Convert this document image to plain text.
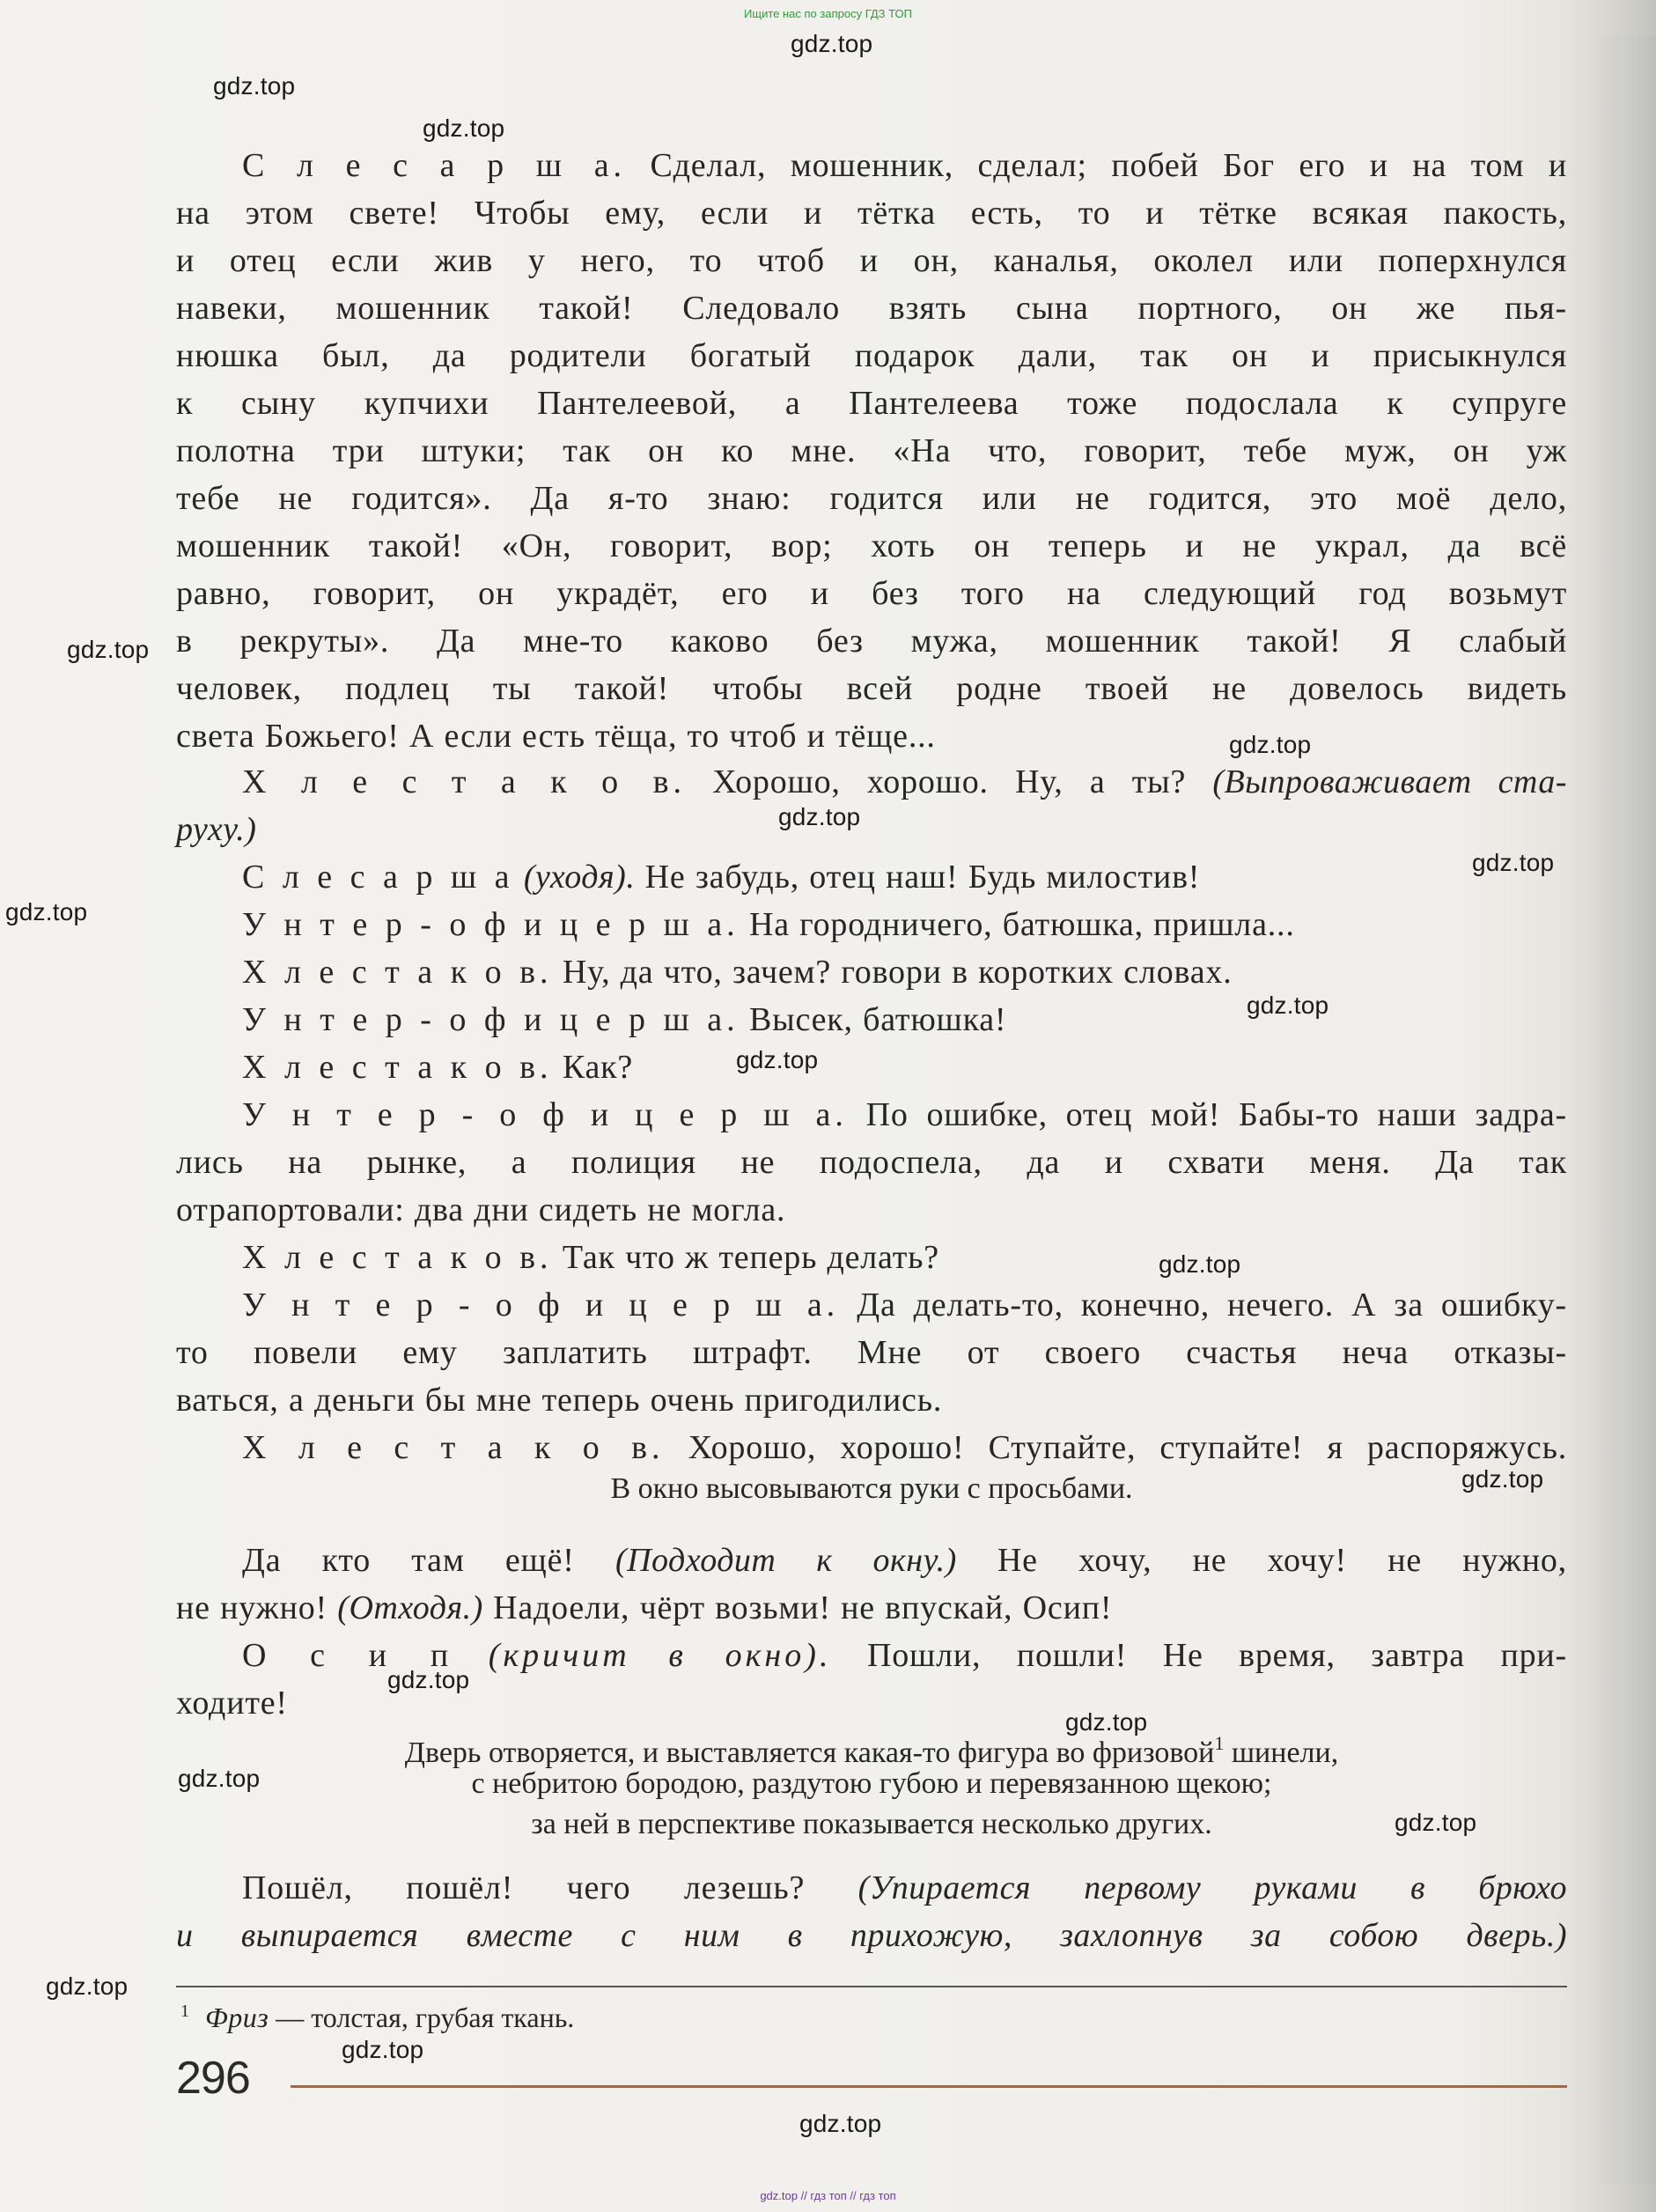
Ищите нас по запросу ГДЗ ТОП
gdz.top
gdz.top
gdz.top
gdz.top
gdz.top
gdz.top
gdz.top
gdz.top
gdz.top
gdz.top
gdz.top
gdz.top
gdz.top
gdz.top
gdz.top
gdz.top
gdz.top
gdz.top
gdz.top
С л е с а р ш а. Сделал, мошенник, сделал; побей Бог его и на том и
на этом свете! Чтобы ему, если и тётка есть, то и тётке всякая пакость,
и отец если жив у него, то чтоб и он, каналья, околел или поперхнулся
навеки, мошенник такой! Следовало взять сына портного, он же пья-
нюшка был, да родители богатый подарок дали, так он и присыкнулся
к сыну купчихи Пантелеевой, а Пантелеева тоже подослала к супруге
полотна три штуки; так он ко мне. «На что, говорит, тебе муж, он уж
тебе не годится». Да я-то знаю: годится или не годится, это моё дело,
мошенник такой! «Он, говорит, вор; хоть он теперь и не украл, да всё
равно, говорит, он украдёт, его и без того на следующий год возьмут
в рекруты». Да мне-то каково без мужа, мошенник такой! Я слабый
человек, подлец ты такой! чтобы всей родне твоей не довелось видеть
света Божьего! А если есть тёща, то чтоб и тёще...
Х л е с т а к о в. Хорошо, хорошо. Ну, а ты? (Выпроваживает ста-
руху.)
С л е с а р ш а (уходя). Не забудь, отец наш! Будь милостив!
У н т е р - о ф и ц е р ш а. На городничего, батюшка, пришла...
Х л е с т а к о в. Ну, да что, зачем? говори в коротких словах.
У н т е р - о ф и ц е р ш а. Высек, батюшка!
Х л е с т а к о в. Как?
У н т е р - о ф и ц е р ш а. По ошибке, отец мой! Бабы-то наши задра-
лись на рынке, а полиция не подоспела, да и схвати меня. Да так
отрапортовали: два дни сидеть не могла.
Х л е с т а к о в. Так что ж теперь делать?
У н т е р - о ф и ц е р ш а. Да делать-то, конечно, нечего. А за ошибку-
то повели ему заплатить штрафт. Мне от своего счастья неча отказы-
ваться, а деньги бы мне теперь очень пригодились.
Х л е с т а к о в. Хорошо, хорошо! Ступайте, ступайте! я распоряжусь.
В окно высовываются руки с просьбами.
Да кто там ещё! (Подходит к окну.) Не хочу, не хочу! не нужно,
не нужно! (Отходя.) Надоели, чёрт возьми! не впускай, Осип!
О с и п (кричит в окно). Пошли, пошли! Не время, завтра при-
ходите!
Дверь отворяется, и выставляется какая-то фигура во фризовой$^1$ шинели,
с небритою бородою, раздутою губою и перевязанною щекою;
за ней в перспективе показывается несколько других.
Пошёл, пошёл! чего лезешь? (Упирается первому руками в брюхо
и выпирается вместе с ним в прихожую, захлопнув за собою дверь.)
$^1$ Фриз — толстая, грубая ткань.
296
gdz.top // гдз топ // гдз топ
